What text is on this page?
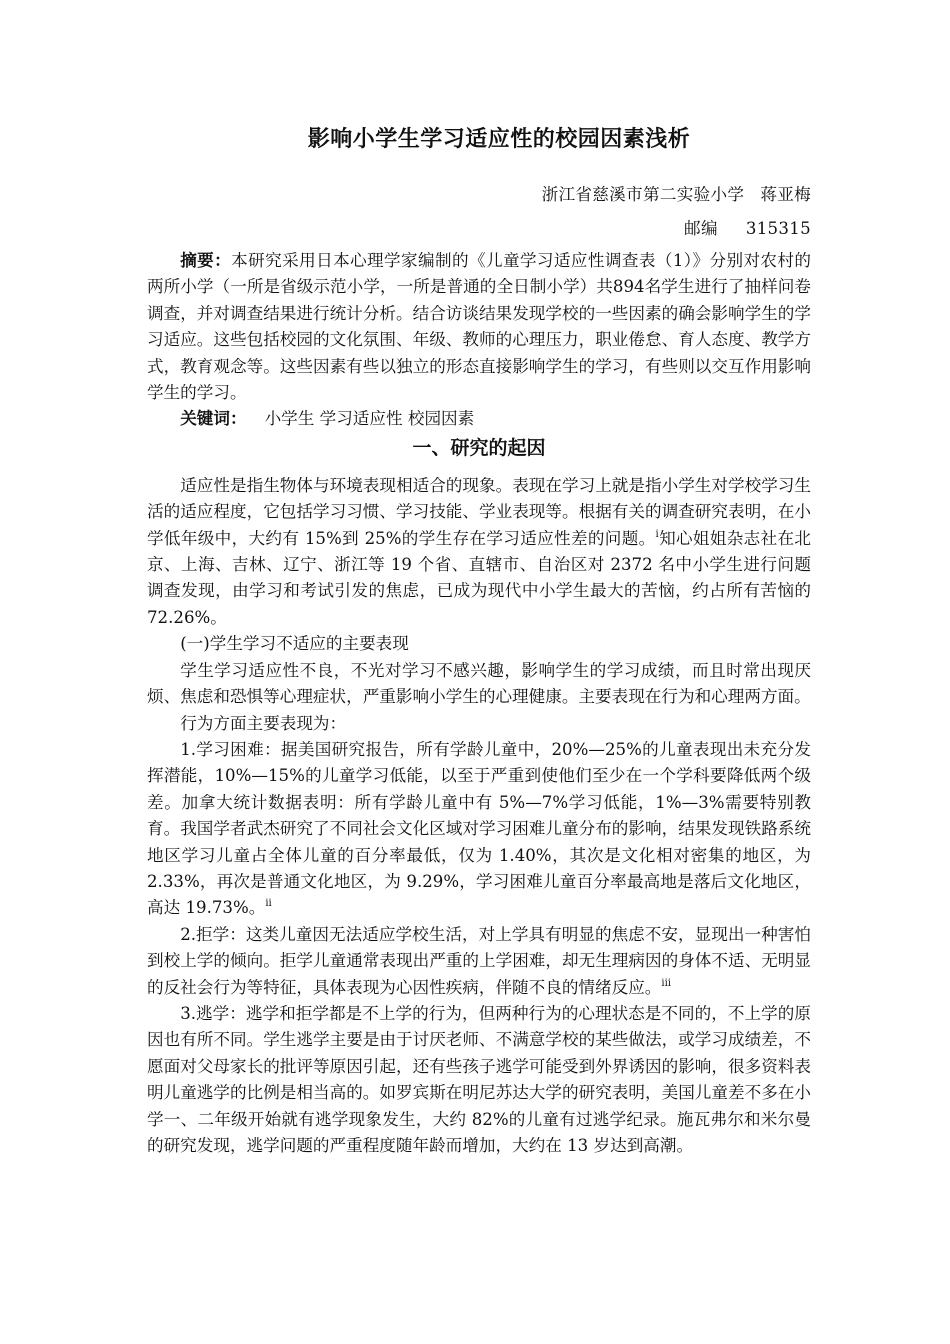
影响小学生学习适应性的校园因素浅析
浙江省慈溪市第二实验小学 蒋亚梅
邮编 315315

摘要：本研究采用日本心理学家编制的《儿童学习适应性调查表（1）》分别对农村的两所小学（一所是省级示范小学，一所是普通的全日制小学）共894名学生进行了抽样问卷调查，并对调查结果进行统计分析。结合访谈结果发现学校的一些因素的确会影响学生的学习适应。这些包括校园的文化氛围、年级、教师的心理压力，职业倦怠、育人态度、教学方式，教育观念等。这些因素有些以独立的形态直接影响学生的学习，有些则以交互作用影响学生的学习。

关键词： 小学生 学习适应性 校园因素

一、研究的起因

适应性是指生物体与环境表现相适合的现象。表现在学习上就是指小学生对学校学习生活的适应程度，它包括学习习惯、学习技能、学业表现等。根据有关的调查研究表明，在小学低年级中，大约有 15%到 25%的学生存在学习适应性差的问题。$^i$知心姐姐杂志社在北京、上海、吉林、辽宁、浙江等 19 个省、直辖市、自治区对 2372 名中小学生进行问题调查发现，由学习和考试引发的焦虑，已成为现代中小学生最大的苦恼，约占所有苦恼的 72.26%。

(一)学生学习不适应的主要表现

学生学习适应性不良，不光对学习不感兴趣，影响学生的学习成绩，而且时常出现厌烦、焦虑和恐惧等心理症状，严重影响小学生的心理健康。主要表现在行为和心理两方面。

行为方面主要表现为：

1.学习困难：据美国研究报告，所有学龄儿童中，20%—25%的儿童表现出未充分发挥潜能，10%—15%的儿童学习低能，以至于严重到使他们至少在一个学科要降低两个级差。加拿大统计数据表明：所有学龄儿童中有 5%—7%学习低能，1%—3%需要特别教育。我国学者武杰研究了不同社会文化区域对学习困难儿童分布的影响，结果发现铁路系统地区学习儿童占全体儿童的百分率最低，仅为 1.40%，其次是文化相对密集的地区，为 2.33%，再次是普通文化地区，为 9.29%，学习困难儿童百分率最高地是落后文化地区，高达 19.73%。$^{ii}$

2.拒学：这类儿童因无法适应学校生活，对上学具有明显的焦虑不安，显现出一种害怕到校上学的倾向。拒学儿童通常表现出严重的上学困难，却无生理病因的身体不适、无明显的反社会行为等特征，具体表现为心因性疾病，伴随不良的情绪反应。$^{iii}$

3.逃学：逃学和拒学都是不上学的行为，但两种行为的心理状态是不同的，不上学的原因也有所不同。学生逃学主要是由于讨厌老师、不满意学校的某些做法，或学习成绩差，不愿面对父母家长的批评等原因引起，还有些孩子逃学可能受到外界诱因的影响，很多资料表明儿童逃学的比例是相当高的。如罗宾斯在明尼苏达大学的研究表明，美国儿童差不多在小学一、二年级开始就有逃学现象发生，大约 82%的儿童有过逃学纪录。施瓦弗尔和米尔曼的研究发现，逃学问题的严重程度随年龄而增加，大约在 13 岁达到高潮。
